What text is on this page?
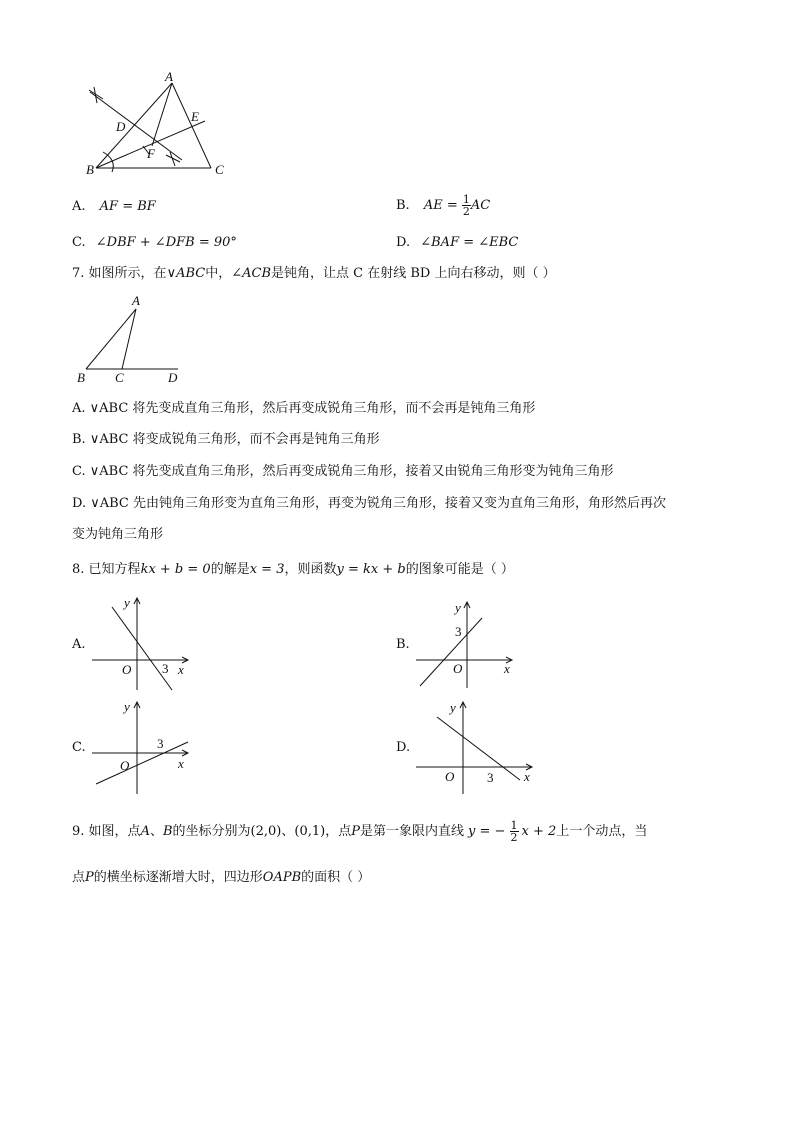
A
B	C
D
E
F
A. AF = BF	B. AE = $\frac{1}{2}$ AC
C. ∠DBF + ∠DFB = 90°	D. ∠BAF = ∠EBC
7. 如图所示，在∨ABC中，∠ACB是钝角，让点 C 在射线 BD 上向右移动，则（ ）
A
B C	D
A. ∨ABC 将先变成直角三角形，然后再变成锐角三角形，而不会再是钝角三角形
B. ∨ABC 将变成锐角三角形，而不会再是钝角三角形
C. ∨ABC 将先变成直角三角形，然后再变成锐角三角形，接着又由锐角三角形变为钝角三角形
D. ∨ABC 先由钝角三角形变为直角三角形，再变为锐角三角形，接着又变为直角三角形，角形然后再次
变为钝角三角形
8. 已知方程kx + b = 0的解是x = 3，则函数y = kx + b的图象可能是（ ）
A.	B.
C.	D.
y
O	x
y
O	x
y
O	x
y
O	x
3
3
3
3
9. 如图，点A、B的坐标分别为(2,0)、(0,1)，点P是第一象限内直线 y = − $\frac{1}{2}$ x + 2上一个动点，当
点P的横坐标逐渐增大时，四边形OAPB的面积（ ）
